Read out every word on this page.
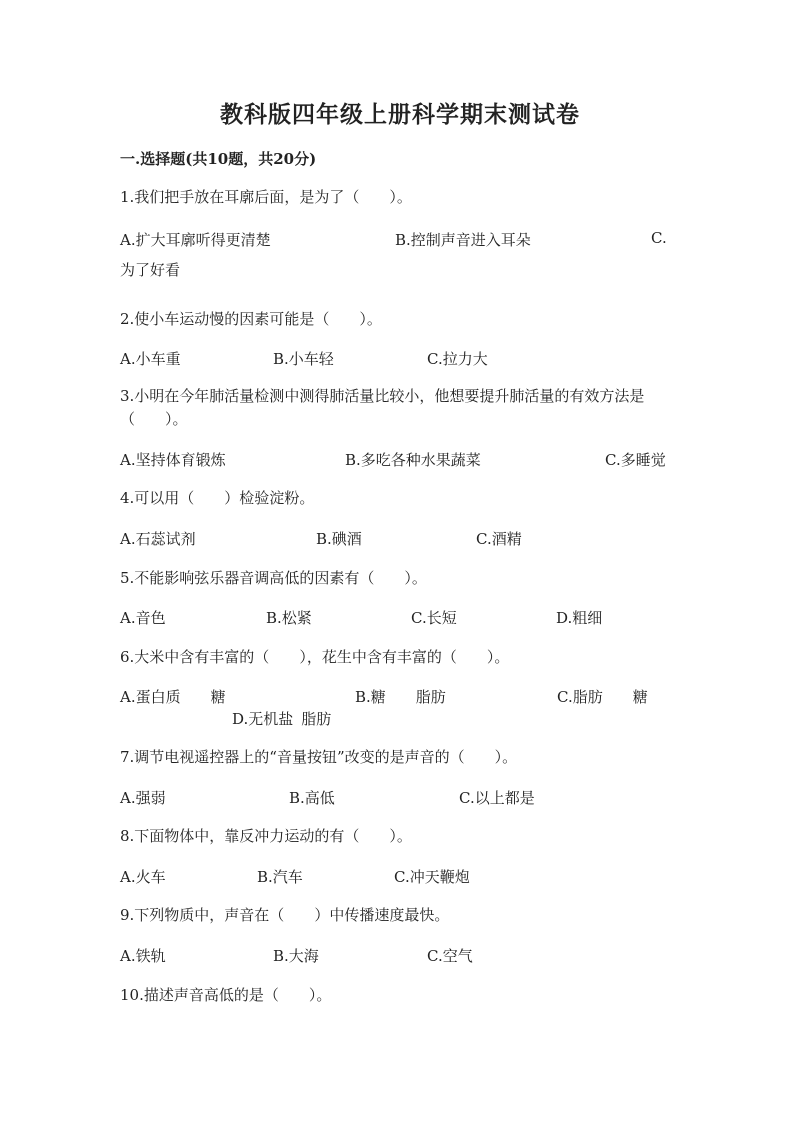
教科版四年级上册科学期末测试卷
一.选择题(共10题，共20分)
1.我们把手放在耳廓后面，是为了（　　）。
A.扩大耳廓听得更清楚	B.控制声音进入耳朵	C.
为了好看
2.使小车运动慢的因素可能是（　　）。
A.小车重	B.小车轻	C.拉力大
3.小明在今年肺活量检测中测得肺活量比较小，他想要提升肺活量的有效方法是（　　）。
A.坚持体育锻炼	B.多吃各种水果蔬菜	C.多睡觉
4.可以用（　　）检验淀粉。
A.石蕊试剂	B.碘酒	C.酒精
5.不能影响弦乐器音调高低的因素有（　　）。
A.音色	B.松紧	C.长短	D.粗细
6.大米中含有丰富的（　　），花生中含有丰富的（　　）。
A.蛋白质 糖	B.糖 脂肪	C.脂肪 糖
D.无机盐 脂肪
7.调节电视遥控器上的“音量按钮”改变的是声音的（　　）。
A.强弱	B.高低	C.以上都是
8.下面物体中，靠反冲力运动的有（　　）。
A.火车	B.汽车	C.冲天鞭炮
9.下列物质中，声音在（　　）中传播速度最快。
A.铁轨	B.大海	C.空气
10.描述声音高低的是（　　）。
